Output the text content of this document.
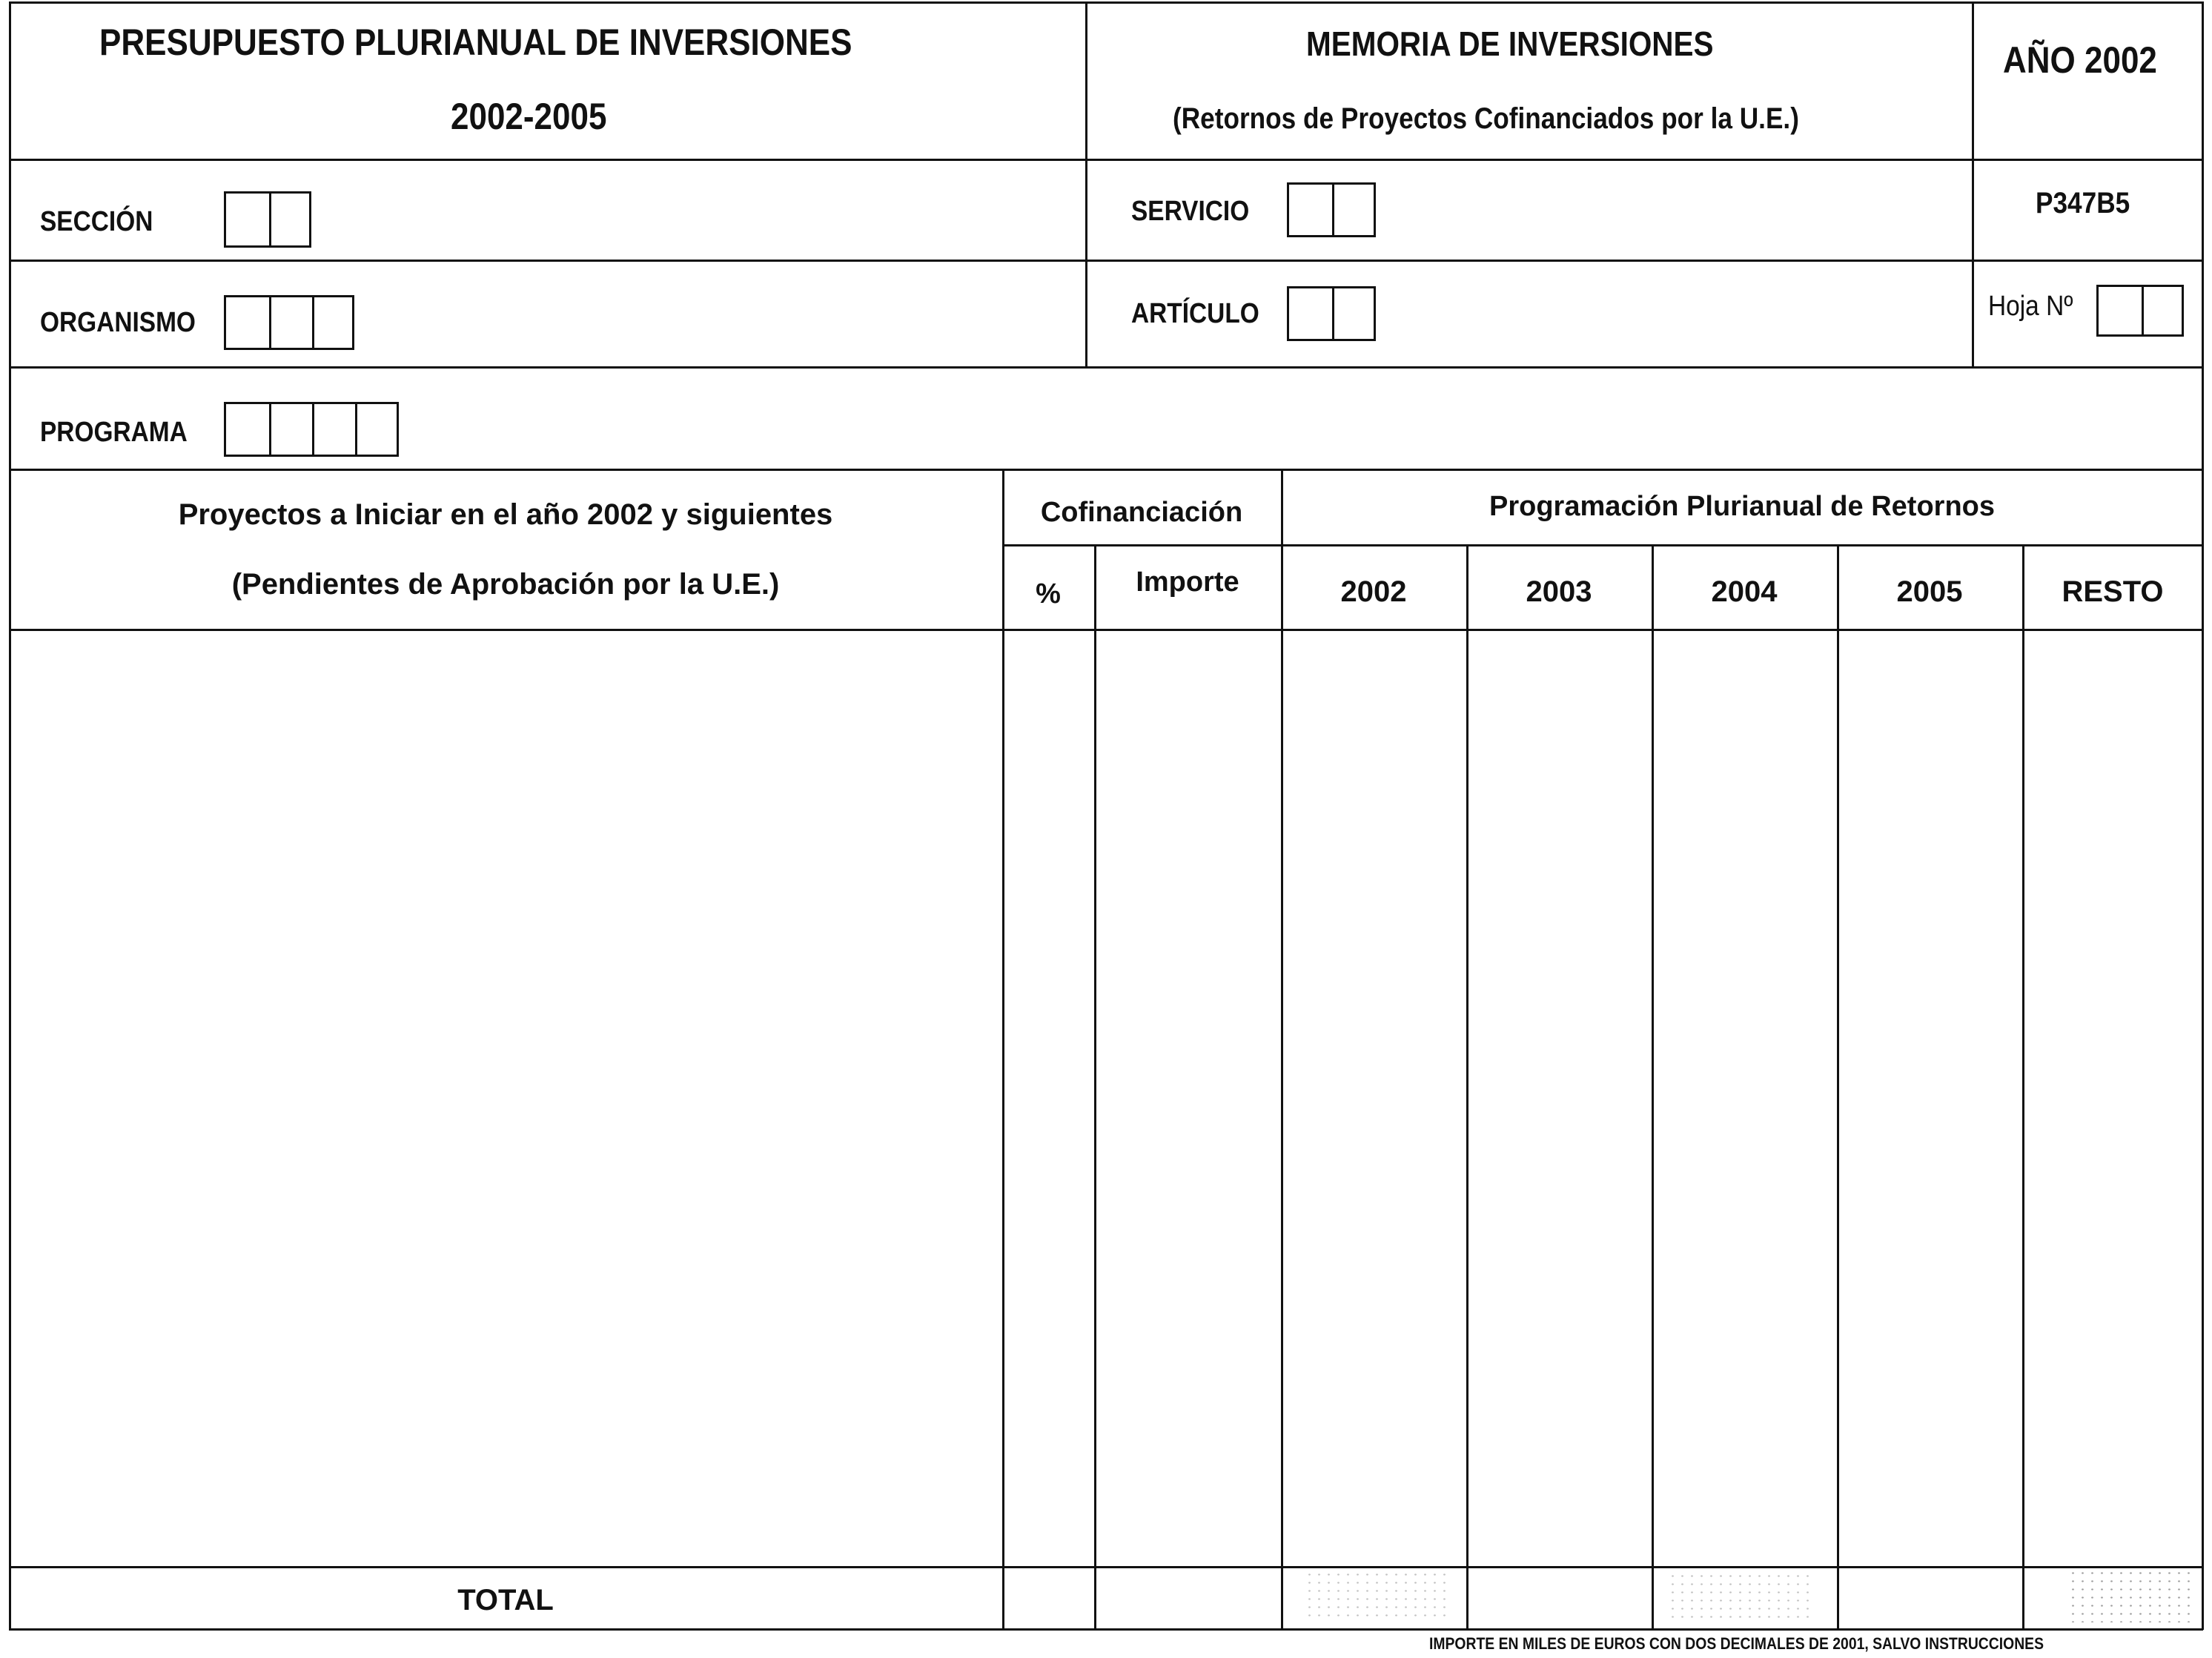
PRESUPUESTO PLURIANUAL DE INVERSIONES
2002-2005
MEMORIA DE INVERSIONES
(Retornos de Proyectos Cofinanciados por la U.E.)
AÑO 2002
P347B5
SECCIÓN	SERVICIO
ORGANISMO	ARTÍCULO	Hoja Nº
PROGRAMA
Proyectos a Iniciar en el año 2002 y siguientes
(Pendientes de Aprobación por la U.E.)
Cofinanciación
%	Importe
Programación Plurianual de Retornos
2002	2003	2004	2005	RESTO
TOTAL
IMPORTE EN MILES DE EUROS CON DOS DECIMALES DE 2001, SALVO INSTRUCCIONES
